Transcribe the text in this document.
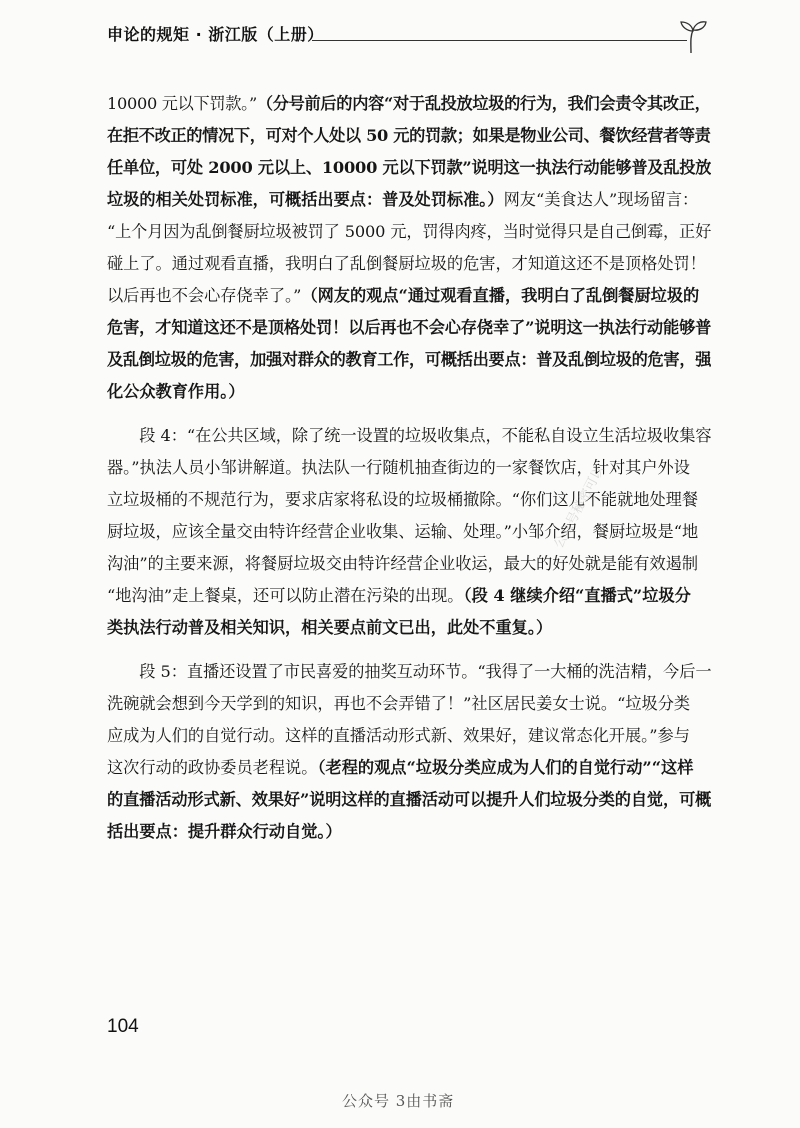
申论的规矩 · 浙江版（上册）

10000 元以下罚款。”（分号前后的内容“对于乱投放垃圾的行为，我们会责令其改正，
在拒不改正的情况下，可对个人处以 50 元的罚款；如果是物业公司、餐饮经营者等责
任单位，可处 2000 元以上、10000 元以下罚款”说明这一执法行动能够普及乱投放
垃圾的相关处罚标准，可概括出要点：普及处罚标准。）网友“美食达人”现场留言：
“上个月因为乱倒餐厨垃圾被罚了 5000 元，罚得肉疼，当时觉得只是自己倒霉，正好
碰上了。通过观看直播，我明白了乱倒餐厨垃圾的危害，才知道这还不是顶格处罚！
以后再也不会心存侥幸了。”（网友的观点“通过观看直播，我明白了乱倒餐厨垃圾的
危害，才知道这还不是顶格处罚！以后再也不会心存侥幸了”说明这一执法行动能够普
及乱倒垃圾的危害，加强对群众的教育工作，可概括出要点：普及乱倒垃圾的危害，强
化公众教育作用。）

　　段 4：“在公共区域，除了统一设置的垃圾收集点，不能私自设立生活垃圾收集容
器。”执法人员小邹讲解道。执法队一行随机抽查街边的一家餐饮店，针对其户外设
立垃圾桶的不规范行为，要求店家将私设的垃圾桶撤除。“你们这儿不能就地处理餐
厨垃圾，应该全量交由特许经营企业收集、运输、处理。”小邹介绍，餐厨垃圾是“地
沟油”的主要来源，将餐厨垃圾交由特许经营企业收运，最大的好处就是能有效遏制
“地沟油”走上餐桌，还可以防止潜在污染的出现。（段 4 继续介绍“直播式”垃圾分
类执法行动普及相关知识，相关要点前文已出，此处不重复。）

　　段 5：直播还设置了市民喜爱的抽奖互动环节。“我得了一大桶的洗洁精，今后一
洗碗就会想到今天学到的知识，再也不会弄错了！”社区居民姜女士说。“垃圾分类
应成为人们的自觉行动。这样的直播活动形式新、效果好，建议常态化开展。”参与
这次行动的政协委员老程说。（老程的观点“垃圾分类应成为人们的自觉行动”“这样
的直播活动形式新、效果好”说明这样的直播活动可以提升人们垃圾分类的自觉，可概
括出要点：提升群众行动自觉。）

公众号秘密可以
104
公众号 3由书斋
